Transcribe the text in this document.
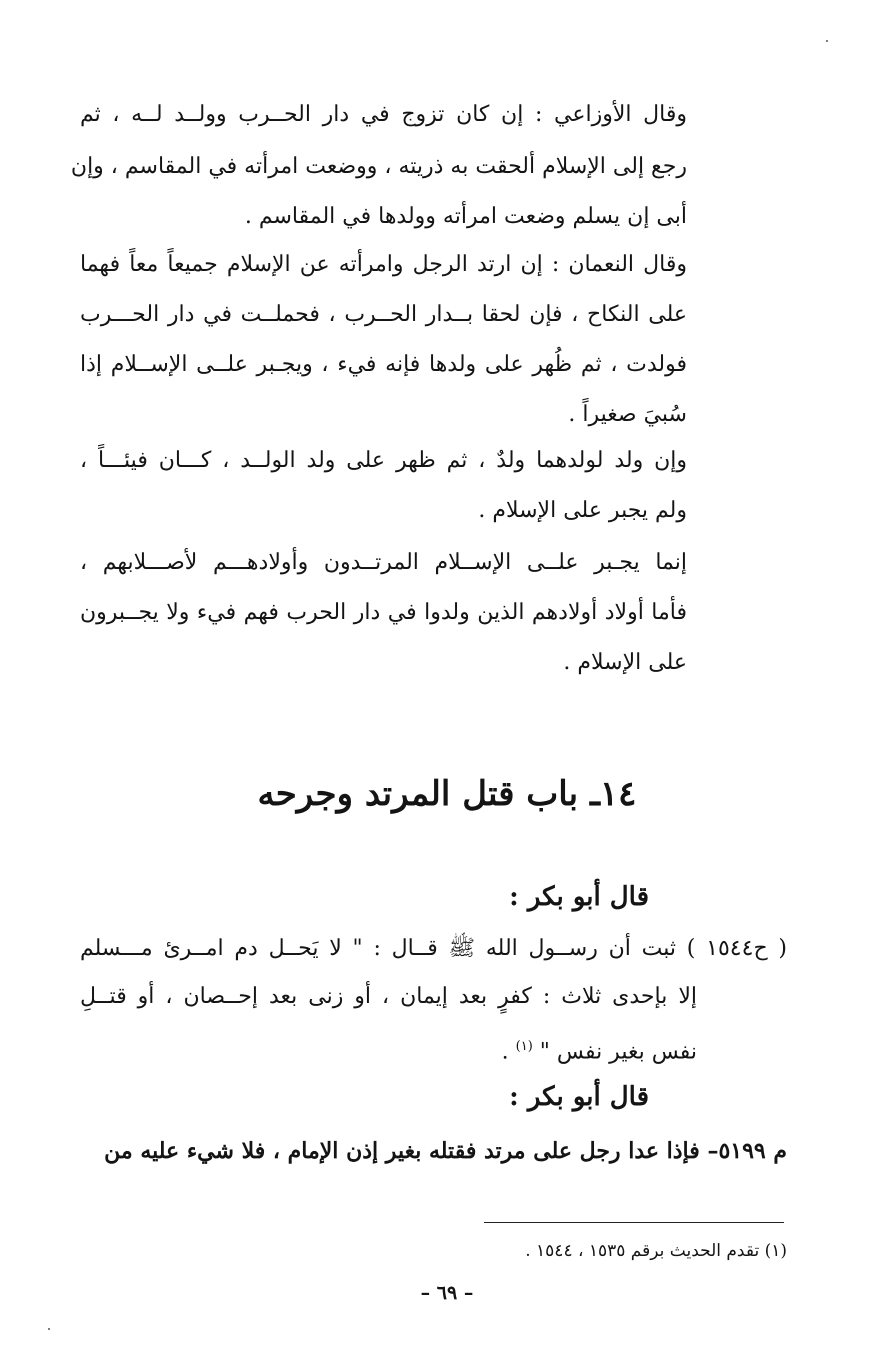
وقال الأوزاعي : إن كان تزوج في دار الحــرب وولــد لــه ، ثم
رجع إلى الإسلام ألحقت به ذريته ، ووضعت امرأته في المقاسم ، وإن
أبى إن يسلم وضعت امرأته وولدها في المقاسم .
وقال النعمان : إن ارتد الرجل وامرأته عن الإسلام جميعاً معاً فهما
على النكاح ، فإن لحقا بــدار الحــرب ، فحملــت في دار الحـــرب
فولدت ، ثم ظُهر على ولدها فإنه فيء ، ويجـبر علــى الإســلام إذا
سُبيَ صغيراً .
وإن ولد لولدهما ولدٌ ، ثم ظهر على ولد الولــد ، كـــان فيئـــاً ،
ولم يجبر على الإسلام .
إنما يجـبر علــى الإســلام المرتــدون وأولادهـــم لأصـــلابهم ،
فأما أولاد أولادهم الذين ولدوا في دار الحرب فهم فيء ولا يجــبرون
على الإسلام .
١٤ـ باب قتل المرتد وجرحه
قال أبو بكر :
( ح١٥٤٤ ) ثبت أن رســول الله ﷺ قــال : " لا يَحــل دم امــرئ مـــسلم
إلا بإحدى ثلاث : كفرٍ بعد إيمان ، أو زنى بعد إحــصان ، أو قتــلِ
نفس بغير نفس " $^{(١)}$ .
قال أبو بكر :
م ٥١٩٩– فإذا عدا رجل على مرتد فقتله بغير إذن الإمام ، فلا شيء عليه من
(١) تقدم الحديث برقم ١٥٣٥ ، ١٥٤٤ .
– ٦٩ –
